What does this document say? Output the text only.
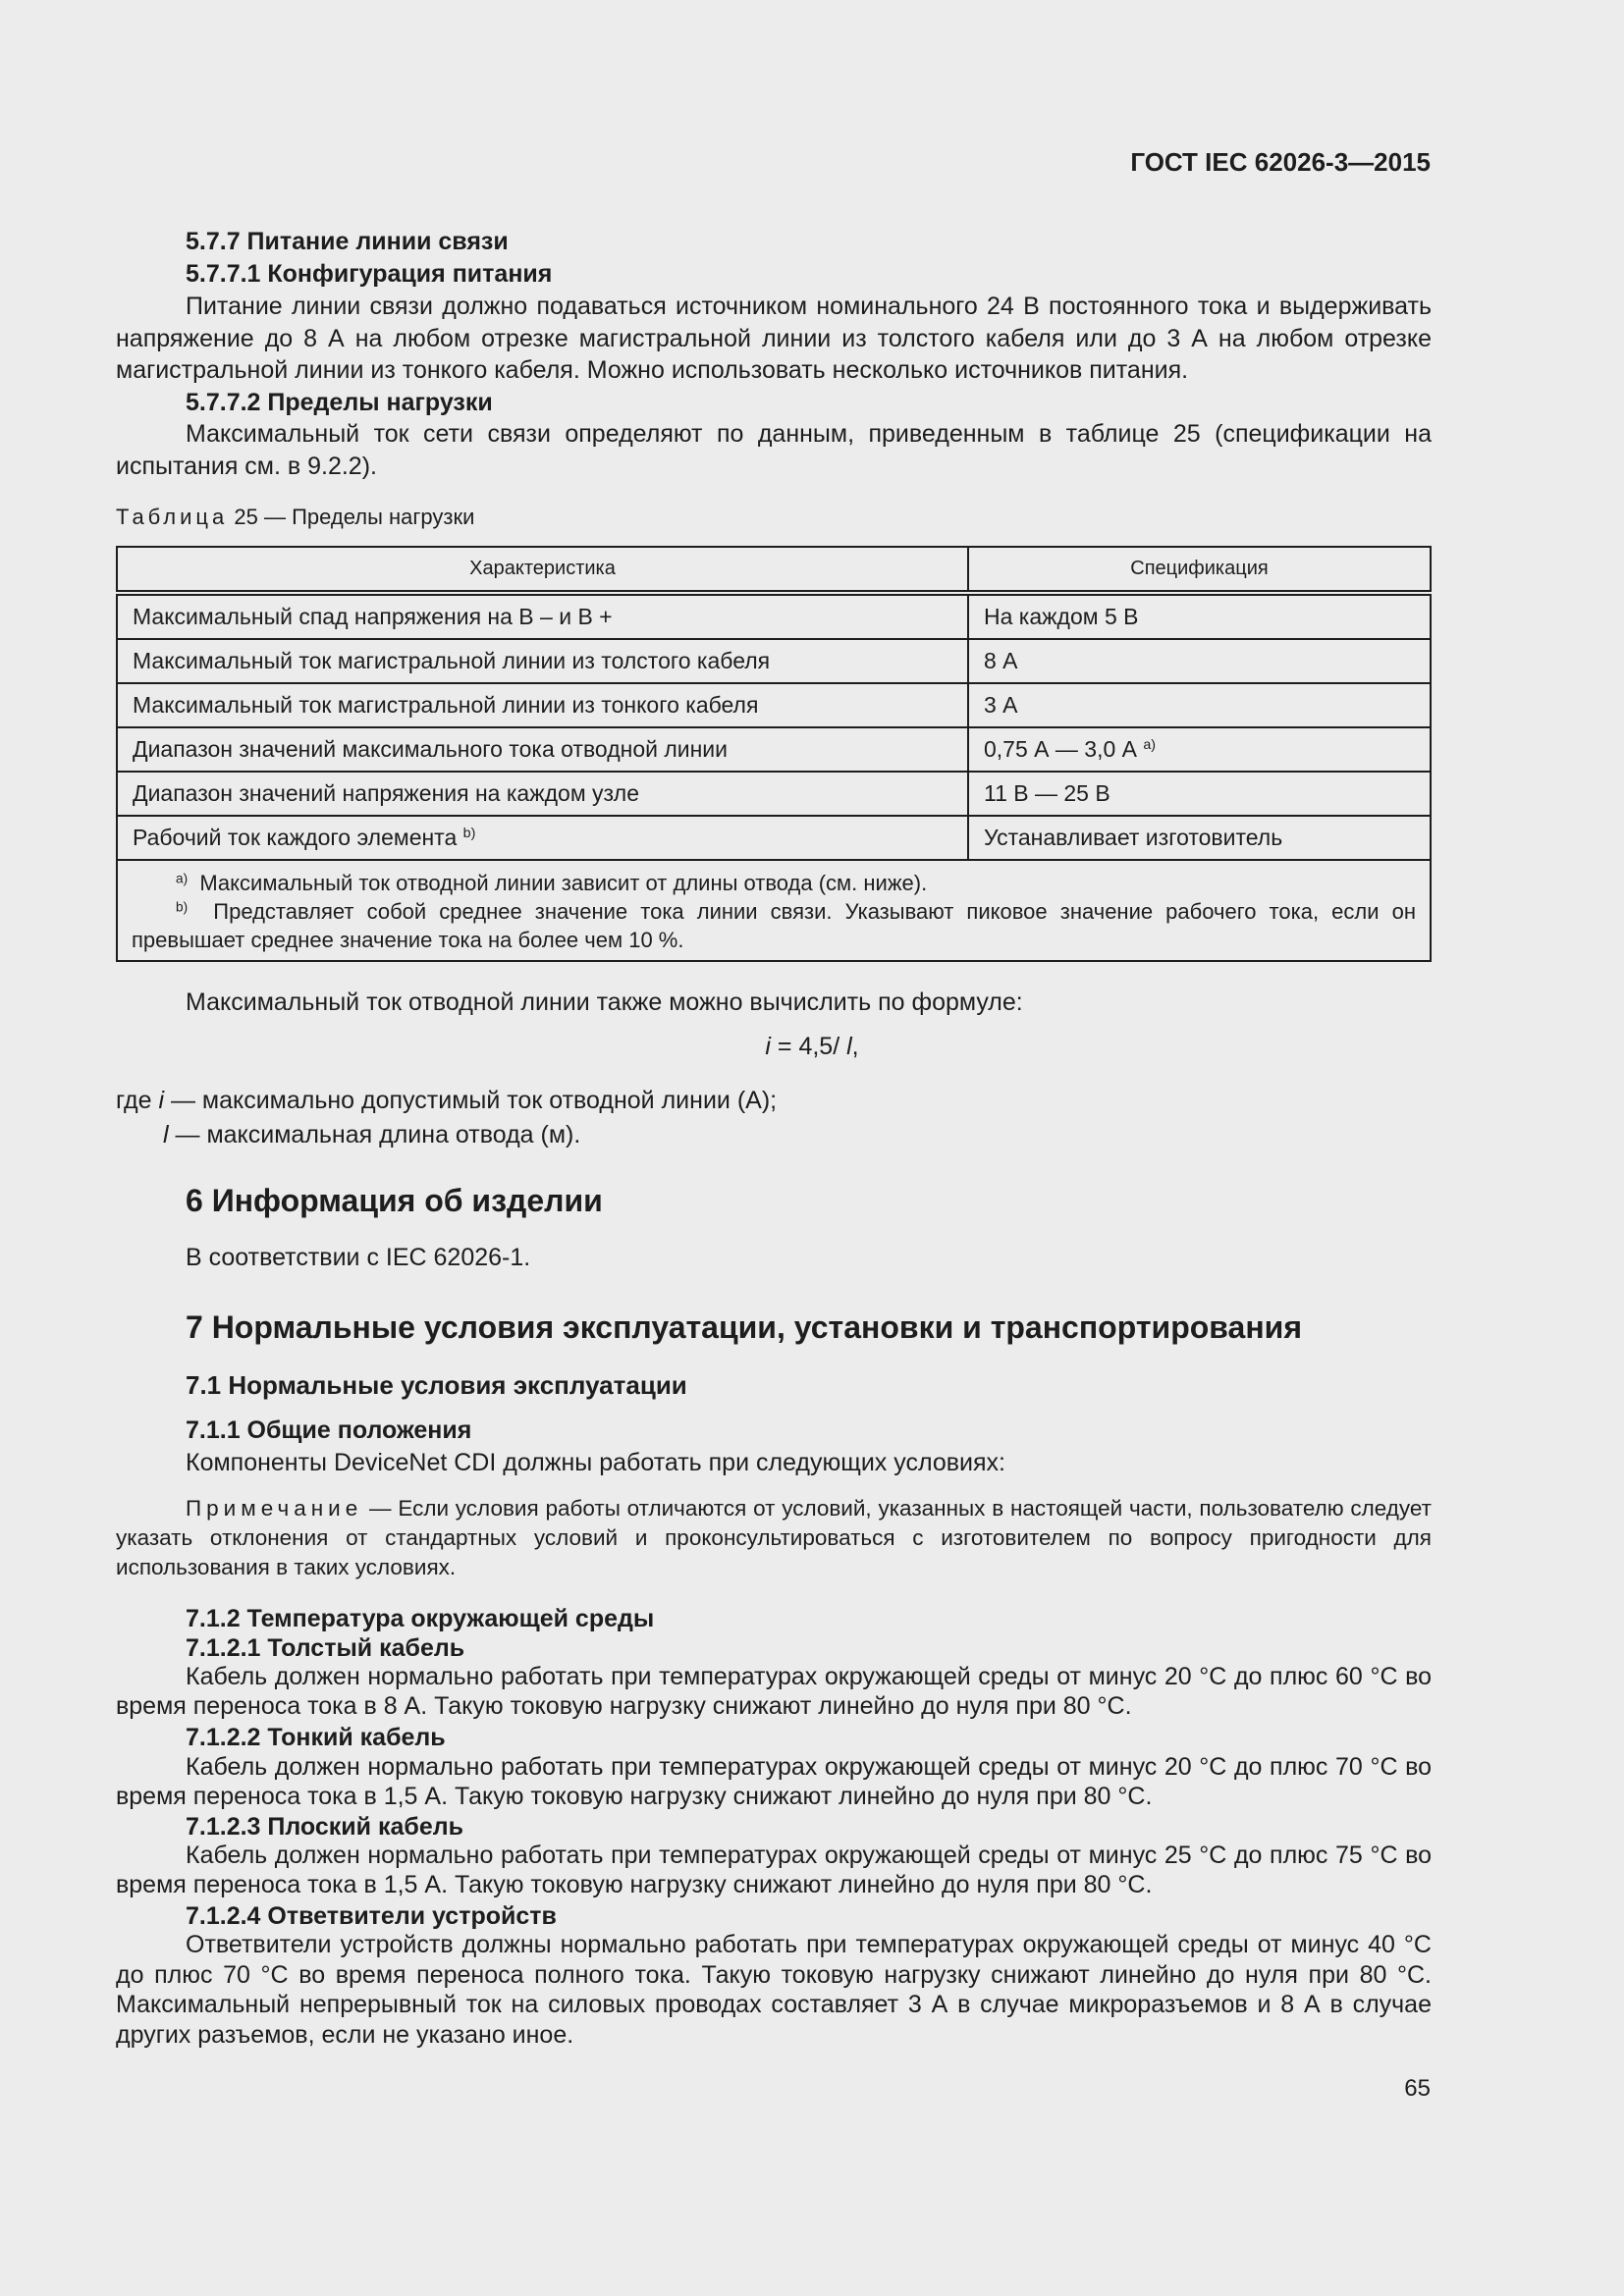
ГОСТ IEC 62026-3—2015
5.7.7 Питание линии связи
5.7.7.1 Конфигурация питания
Питание линии связи должно подаваться источником номинального 24 В постоянного тока и выдерживать напряжение до 8 А на любом отрезке магистральной линии из толстого кабеля или до 3 А на любом отрезке магистральной линии из тонкого кабеля. Можно использовать несколько источников питания.
5.7.7.2 Пределы нагрузки
Максимальный ток сети связи определяют по данным, приведенным в таблице 25 (спецификации на испытания см. в 9.2.2).
Таблица 25 — Пределы нагрузки
Характеристика	Спецификация
Максимальный спад напряжения на В – и В +	На каждом 5 В
Максимальный ток магистральной линии из толстого кабеля	8 А
Максимальный ток магистральной линии из тонкого кабеля	3 А
Диапазон значений максимального тока отводной линии	0,75 А — 3,0 А $^{a)}$
Диапазон значений напряжения на каждом узле	11 В — 25 В
Рабочий ток каждого элемента $^{b)}$	Устанавливает изготовитель

$^{a)}$ Максимальный ток отводной линии зависит от длины отвода (см. ниже).
$^{b)}$ Представляет собой среднее значение тока линии связи. Указывают пиковое значение рабочего тока, если он превышает среднее значение тока на более чем 10 %.	
Максимальный ток отводной линии также можно вычислить по формуле:
i = 4,5/ l,
где i — максимально допустимый ток отводной линии (А);
l — максимальная длина отвода (м).
6 Информация об изделии
В соответствии с IEC 62026-1.
7 Нормальные условия эксплуатации, установки и транспортирования
7.1 Нормальные условия эксплуатации
7.1.1 Общие положения
Компоненты DeviceNet CDI должны работать при следующих условиях:
Примечание — Если условия работы отличаются от условий, указанных в настоящей части, пользователю следует указать отклонения от стандартных условий и проконсультироваться с изготовителем по вопросу пригодности для использования в таких условиях.
7.1.2 Температура окружающей среды
7.1.2.1 Толстый кабель
Кабель должен нормально работать при температурах окружающей среды от минус 20 °С до плюс 60 °С во время переноса тока в 8 А. Такую токовую нагрузку снижают линейно до нуля при 80 °С.
7.1.2.2 Тонкий кабель
Кабель должен нормально работать при температурах окружающей среды от минус 20 °С до плюс 70 °С во время переноса тока в 1,5 А. Такую токовую нагрузку снижают линейно до нуля при 80 °С.
7.1.2.3 Плоский кабель
Кабель должен нормально работать при температурах окружающей среды от минус 25 °С до плюс 75 °С во время переноса тока в 1,5 А. Такую токовую нагрузку снижают линейно до нуля при 80 °С.
7.1.2.4 Ответвители устройств
Ответвители устройств должны нормально работать при температурах окружающей среды от минус 40 °С до плюс 70 °С во время переноса полного тока. Такую токовую нагрузку снижают линейно до нуля при 80 °С. Максимальный непрерывный ток на силовых проводах составляет 3 А в случае микроразъемов и 8 А в случае других разъемов, если не указано иное.
65
